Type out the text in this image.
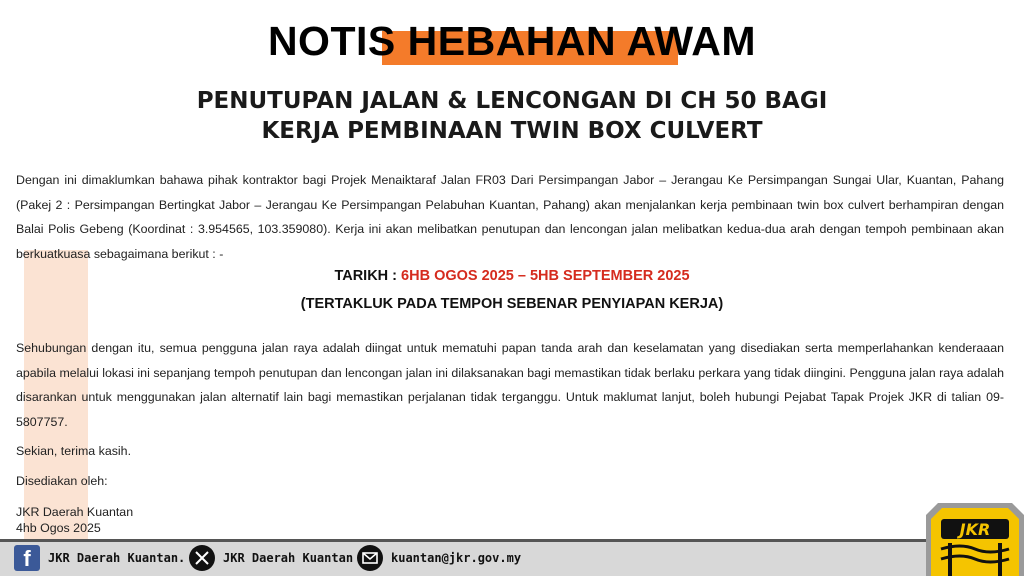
NOTIS HEBAHAN AWAM
PENUTUPAN JALAN & LENCONGAN DI CH 50 BAGI
KERJA PEMBINAAN TWIN BOX CULVERT
Dengan ini dimaklumkan bahawa pihak kontraktor bagi Projek Menaiktaraf Jalan FR03 Dari Persimpangan Jabor – Jerangau Ke Persimpangan Sungai Ular, Kuantan, Pahang (Pakej 2 : Persimpangan Bertingkat Jabor – Jerangau Ke Persimpangan Pelabuhan Kuantan, Pahang) akan menjalankan kerja pembinaan twin box culvert berhampiran dengan Balai Polis Gebeng (Koordinat : 3.954565, 103.359080). Kerja ini akan melibatkan penutupan dan lencongan jalan melibatkan kedua-dua arah dengan tempoh pembinaan akan berkuatkuasa sebagaimana berikut : -
TARIKH : 6HB OGOS 2025 – 5HB SEPTEMBER 2025
(TERTAKLUK PADA TEMPOH SEBENAR PENYIAPAN KERJA)
Sehubungan dengan itu, semua pengguna jalan raya adalah diingat untuk mematuhi papan tanda arah dan keselamatan yang disediakan serta memperlahankan kenderaaan apabila melalui lokasi ini sepanjang tempoh penutupan dan lencongan jalan ini dilaksanakan bagi memastikan tidak berlaku perkara yang tidak diingini. Pengguna jalan raya adalah disarankan untuk menggunakan jalan alternatif lain bagi memastikan perjalanan tidak terganggu. Untuk maklumat lanjut, boleh hubungi Pejabat Tapak Projek JKR di talian 09-5807757.
Sekian, terima kasih.
Disediakan oleh:
JKR Daerah Kuantan
4hb Ogos 2025
f	JKR Daerah Kuantan.	JKR Daerah Kuantan	kuantan@jkr.gov.my
JKR
